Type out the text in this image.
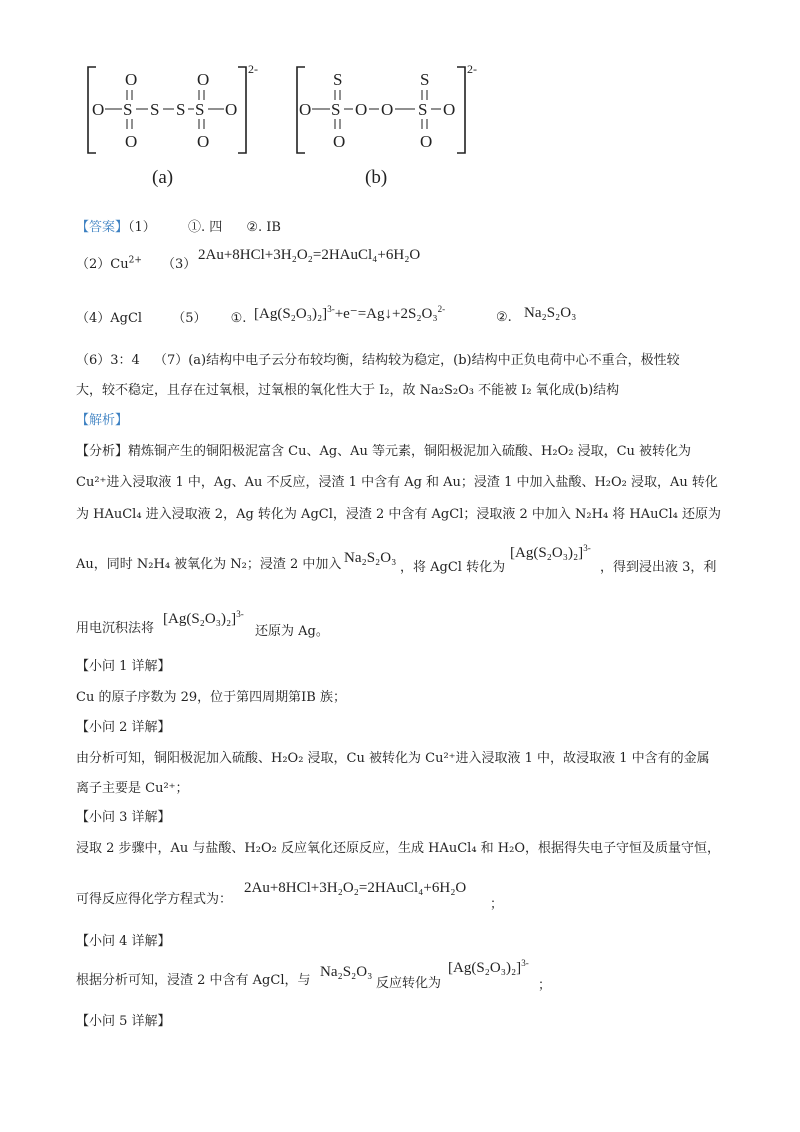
O	O
O S S S S O
O	O
2-
(a)
S	S
O S O O S O
O	O
2-
(b)
【答案】（1） ①. 四 ②. ⅠB
$(2)Cu^{2+}$ （3）
2Au+8HCl+3H₂O₂=2HAuCl₄+6H₂O
（4）AgCl （5） ①. $[Ag(S_2O_3)_2]^{3-}+e^-=Ag↓+2S_2O_3^{2-}$
②. Na₂S₂O₃
（6）3：4 （7）(a)结构中电子云分布较均衡，结构较为稳定，(b)结构中正负电荷中心不重合，极性较
大，较不稳定，且存在过氧根，过氧根的氧化性大于 I₂，故 Na₂S₂O₃ 不能被 I₂ 氧化成(b)结构
【解析】
【分析】精炼铜产生的铜阳极泥富含 Cu、Ag、Au 等元素，铜阳极泥加入硫酸、H₂O₂ 浸取，Cu 被转化为
Cu²⁺进入浸取液 1 中，Ag、Au 不反应，浸渣 1 中含有 Ag 和 Au；浸渣 1 中加入盐酸、H₂O₂ 浸取，Au 转化
为 HAuCl₄ 进入浸取液 2，Ag 转化为 AgCl，浸渣 2 中含有 AgCl；浸取液 2 中加入 N₂H₄ 将 HAuCl₄ 还原为
Au，同时 N₂H₄ 被氧化为 N₂；浸渣 2 中加入 Na₂S₂O₃
，将 AgCl 转化为
$[Ag(S_2O_3)_2]^{3-}$
，得到浸出液 3，利
用电沉积法将
$[Ag(S_2O_3)_2]^{3-}$
还原为 Ag。
【小问 1 详解】
Cu 的原子序数为 29，位于第四周期第ⅠB 族；
【小问 2 详解】
由分析可知，铜阳极泥加入硫酸、H₂O₂ 浸取，Cu 被转化为 Cu²⁺进入浸取液 1 中，故浸取液 1 中含有的金属
离子主要是 Cu²⁺；
【小问 3 详解】
浸取 2 步骤中，Au 与盐酸、H₂O₂ 反应氧化还原反应，生成 HAuCl₄ 和 H₂O，根据得失电子守恒及质量守恒，
可得反应得化学方程式为：
2Au+8HCl+3H₂O₂=2HAuCl₄+6H₂O
；
【小问 4 详解】
根据分析可知，浸渣 2 中含有 AgCl，与
Na₂S₂O₃
反应转化为
$[Ag(S_2O_3)_2]^{3-}$
；
【小问 5 详解】
